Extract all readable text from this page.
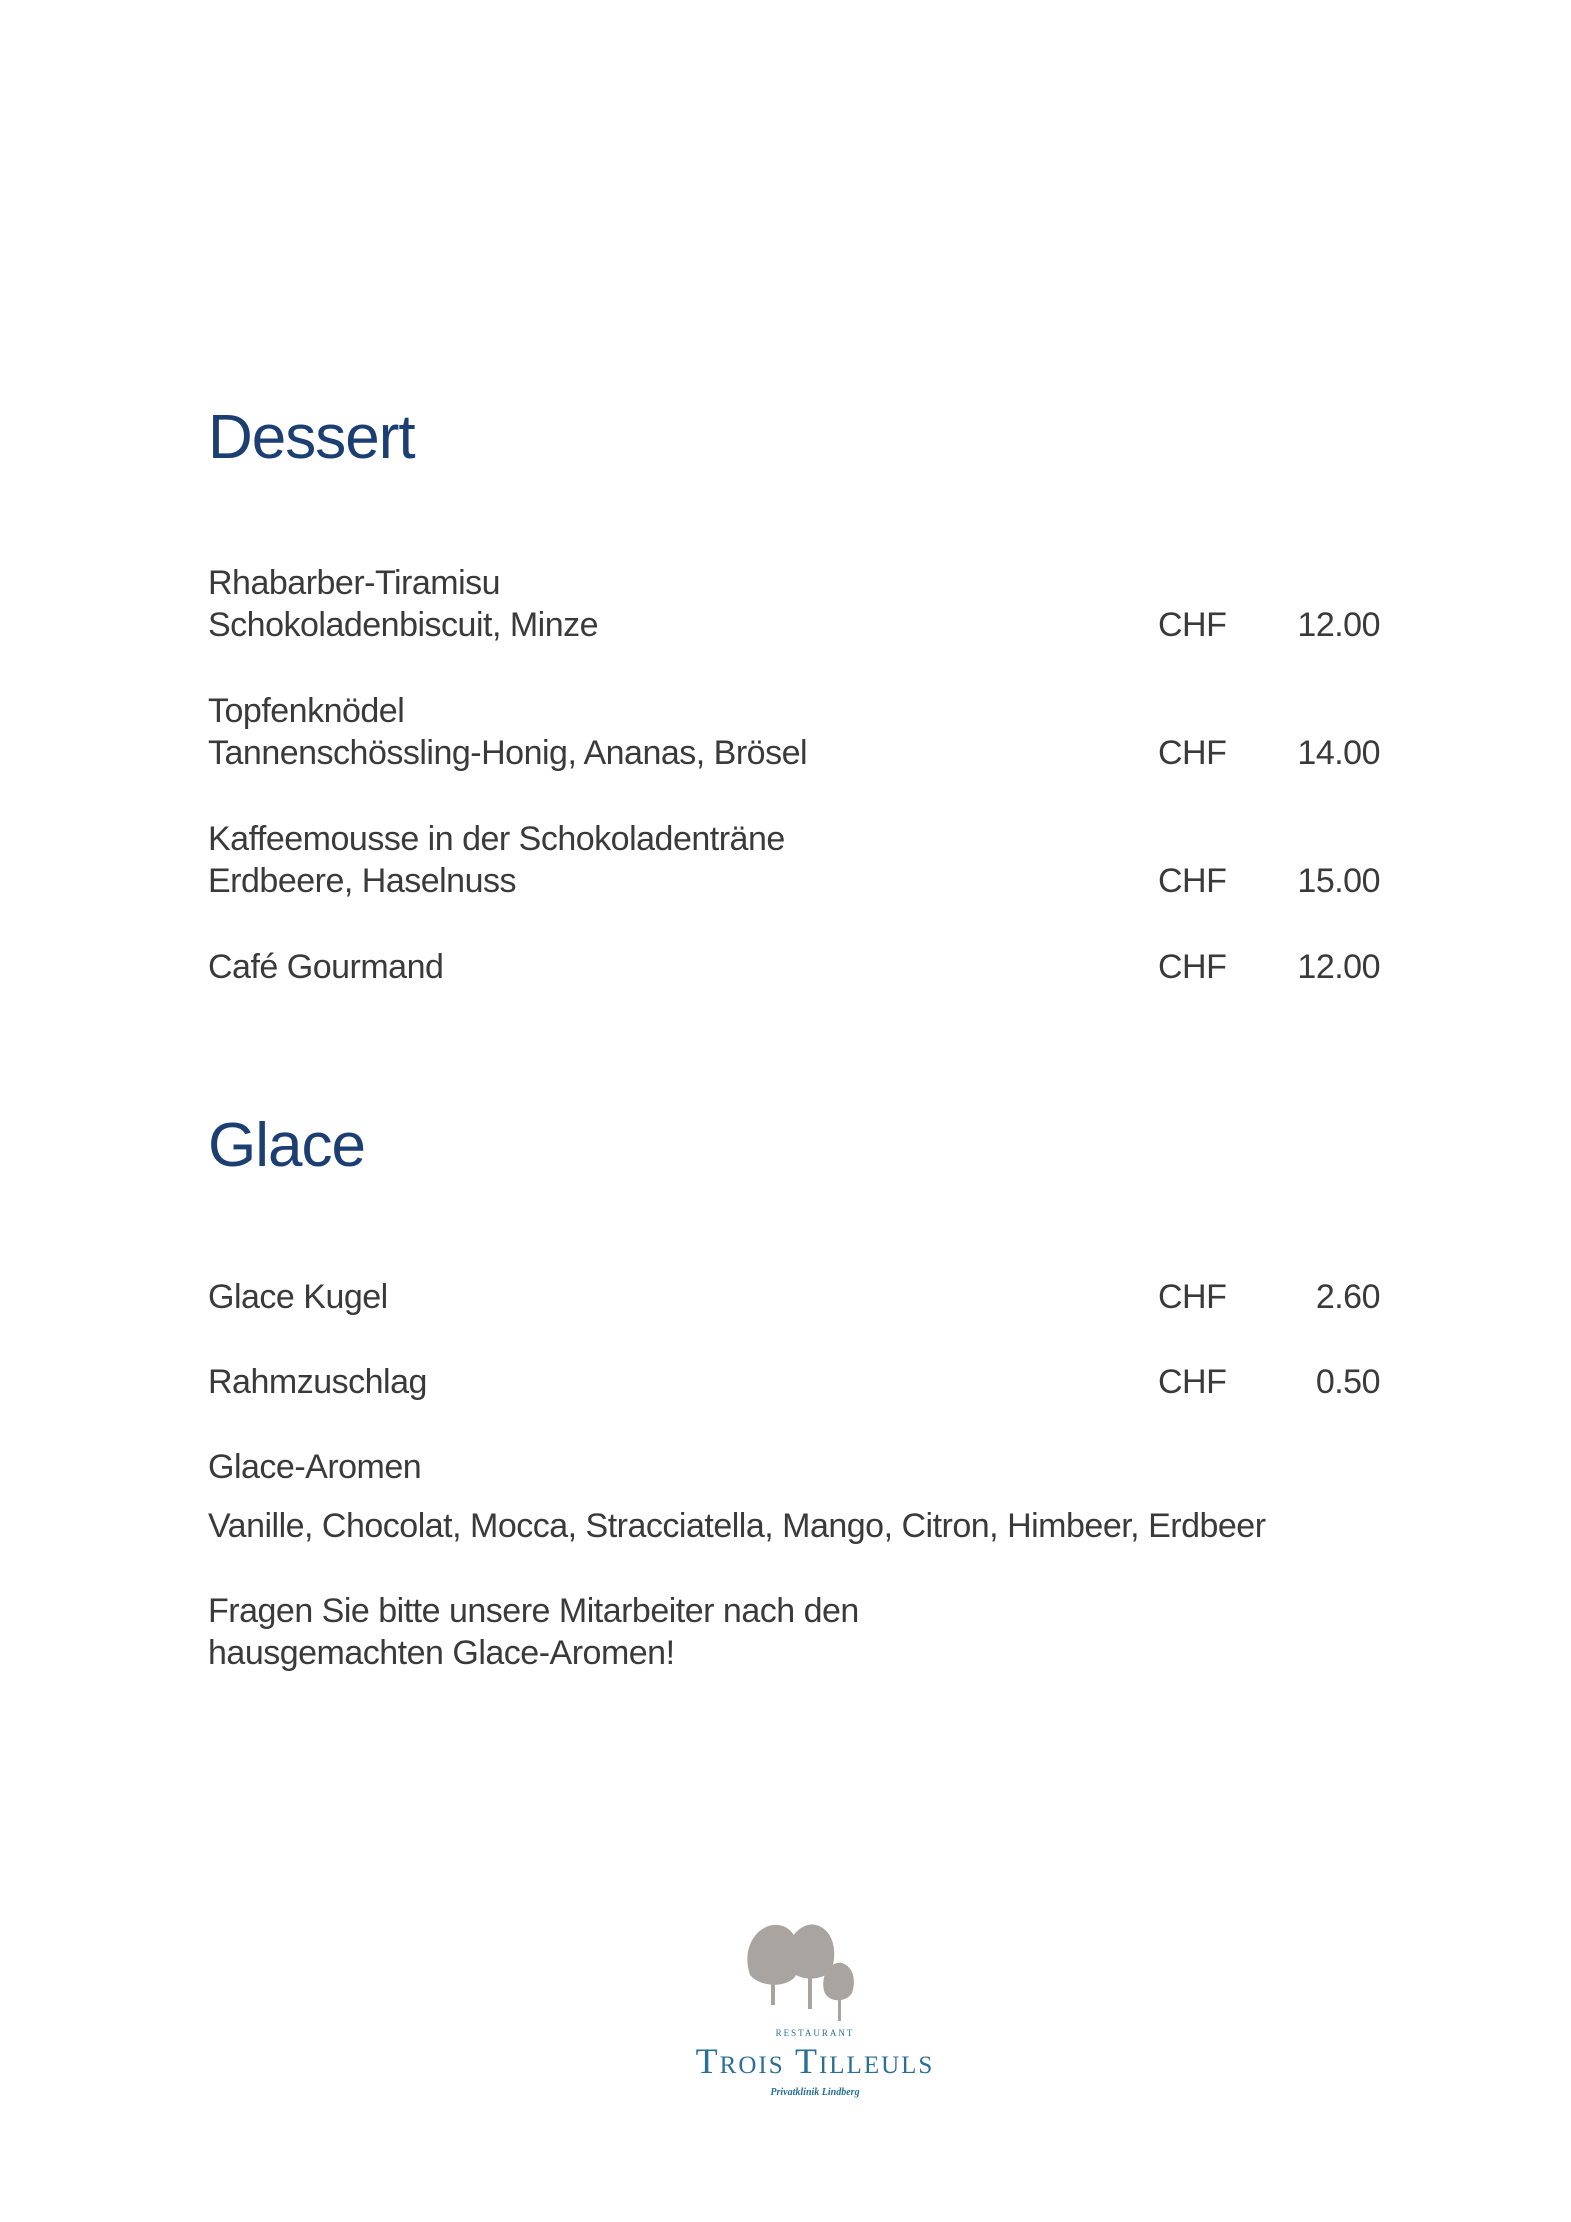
Dessert
Rhabarber-Tiramisu
Schokoladenbiscuit, Minze	CHF	12.00
Topfenknödel
Tannenschössling-Honig, Ananas, Brösel	CHF	14.00
Kaffeemousse in der Schokoladenträne
Erdbeere, Haselnuss	CHF	15.00
Café Gourmand	CHF	12.00
Glace
Glace Kugel	CHF	2.60
Rahmzuschlag	CHF	0.50
Glace-Aromen
Vanille, Chocolat, Mocca, Stracciatella, Mango, Citron, Himbeer, Erdbeer
Fragen Sie bitte unsere Mitarbeiter nach den
hausgemachten Glace-Aromen!
RESTAURANT
Trois Tilleuls
Privatklinik Lindberg
